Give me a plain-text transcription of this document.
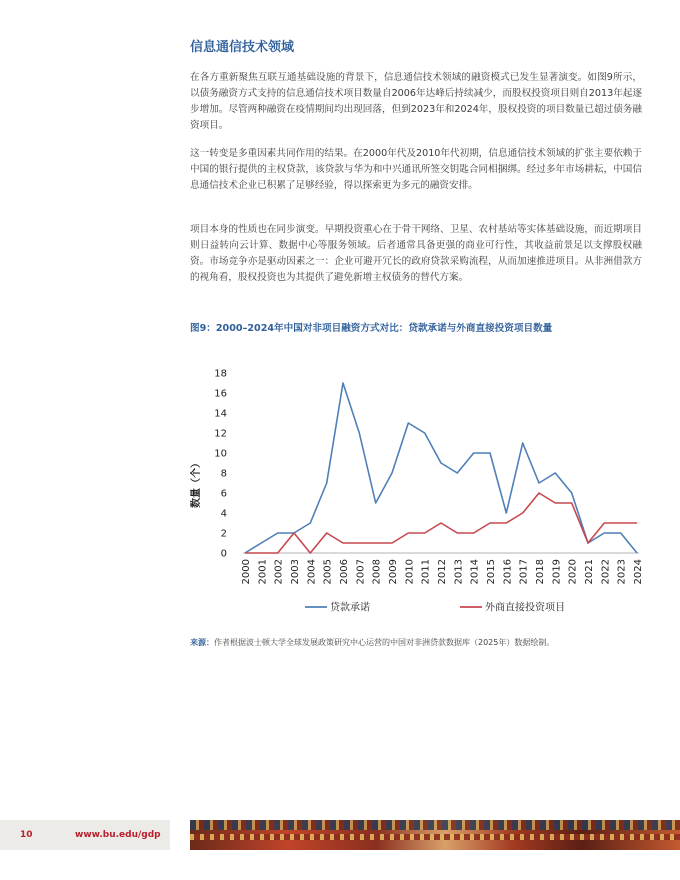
信息通信技术领域

在各方重新聚焦互联互通基础设施的背景下，信息通信技术领域的融资模式已发生显著演变。如图9所示，以债务融资方式支持的信息通信技术项目数量自2006年达峰后持续减少，而股权投资项目则自2013年起逐步增加。尽管两种融资在疫情期间均出现回落，但到2023年和2024年，股权投资的项目数量已超过债务融资项目。

这一转变是多重因素共同作用的结果。在2000年代及2010年代初期，信息通信技术领域的扩张主要依赖于中国的银行提供的主权贷款，该贷款与华为和中兴通讯所签交钥匙合同相捆绑。经过多年市场耕耘，中国信息通信技术企业已积累了足够经验，得以探索更为多元的融资安排。

项目本身的性质也在同步演变。早期投资重心在于骨干网络、卫星、农村基站等实体基础设施，而近期项目则日益转向云计算、数据中心等服务领域。后者通常具备更强的商业可行性，其收益前景足以支撑股权融资。市场竞争亦是驱动因素之一：企业可避开冗长的政府贷款采购流程，从而加速推进项目。从非洲借款方的视角看，股权投资也为其提供了避免新增主权债务的替代方案。

图9：2000–2024年中国对非项目融资方式对比：贷款承诺与外商直接投资项目数量
0
2
4
6
8
10
12
14
16
18
数量（个）
2000 2001 2002 2003 2004 2005 2006 2007 2008 2009 2010 2011 2012 2013 2014 2015 2016 2017 2018 2019 2020 2021 2022 2023 2024
贷款承诺	外商直接投资项目

来源：作者根据波士顿大学全球发展政策研究中心运营的中国对非洲贷款数据库（2025年）数据绘制。

10	www.bu.edu/gdp
